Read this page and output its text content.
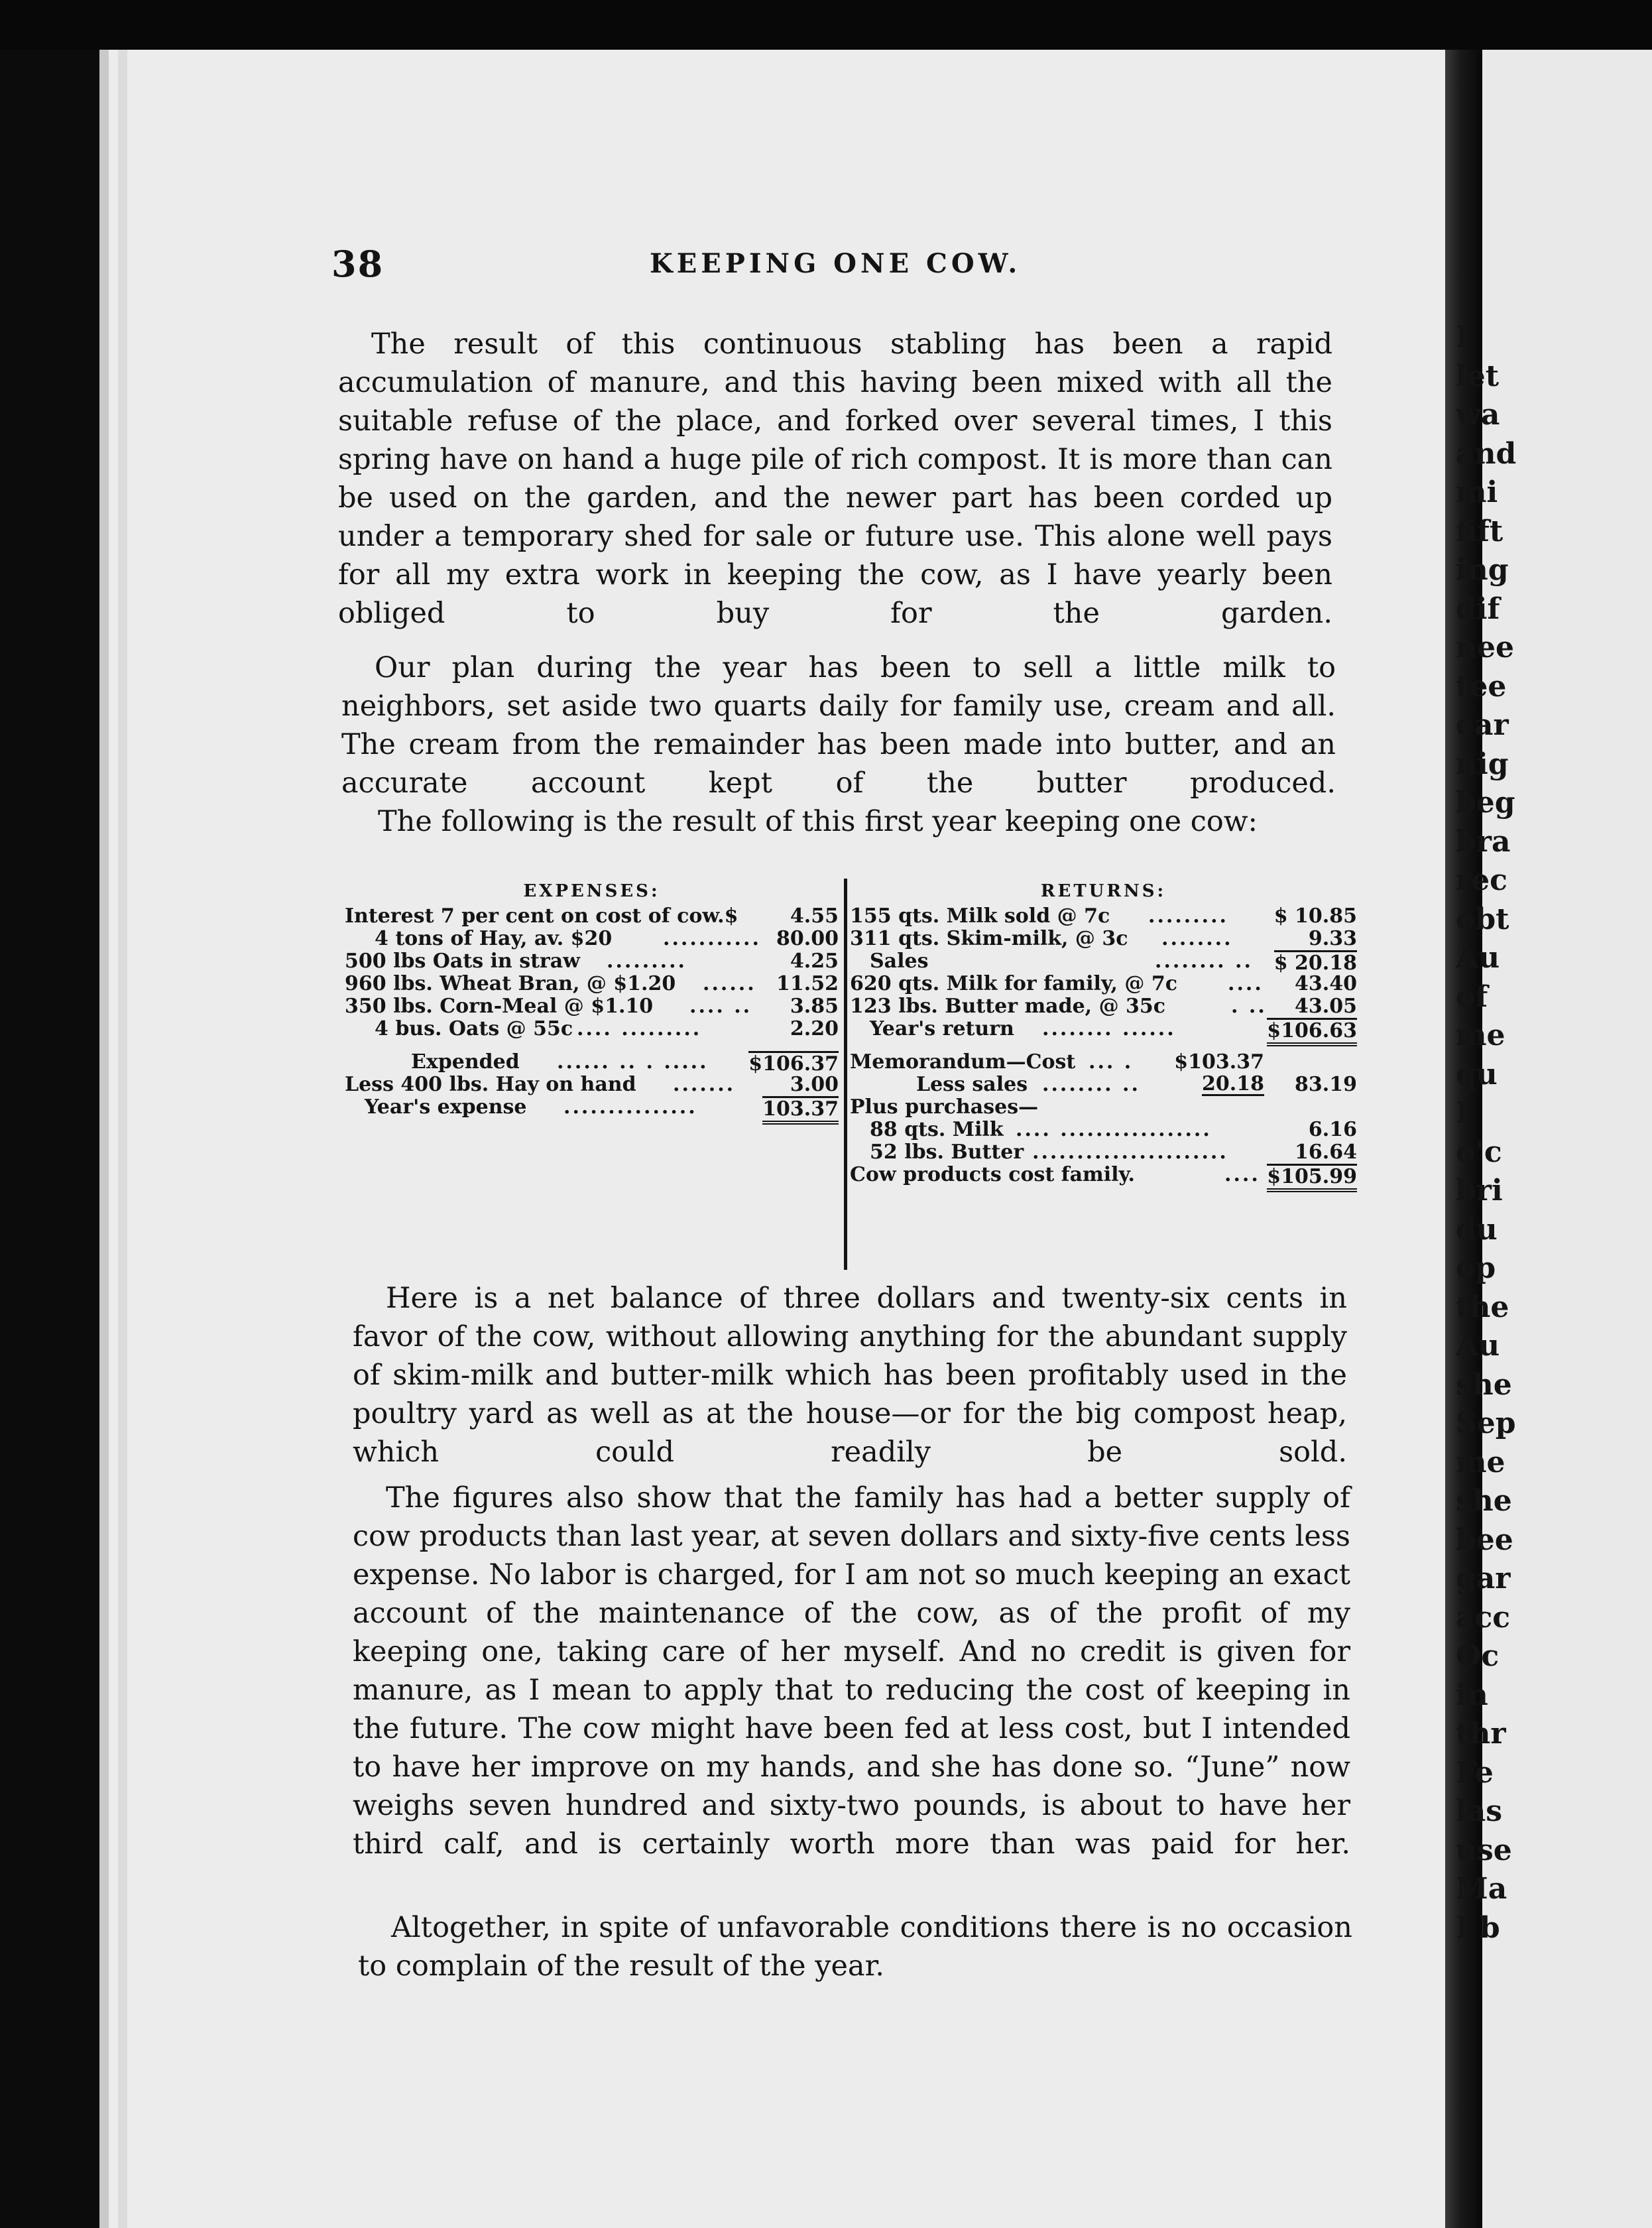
I
let
wa
and
mi
fift
ing
dif
nee
tee
ear
nig
beg
bra
rec
obt
Au
of
me
qu
I
o'c
bri
du
op
the
Au
she
Sep
me
she
bee
gar
acc
Oc
in
thr
Fe
las
use
Ma
I b
38	KEEPING ONE COW.

The result of this continuous stabling has been a rapid accumulation of manure, and this having been mixed with all the suitable refuse of the place, and forked over several times, I this spring have on hand a huge pile of rich compost. It is more than can be used on the garden, and the newer part has been corded up under a temporary shed for sale or future use. This alone well pays for all my extra work in keeping the cow, as I have yearly been obliged to buy for the garden.

Our plan during the year has been to sell a little milk to neighbors, set aside two quarts daily for family use, cream and all. The cream from the remainder has been made into butter, and an accurate account kept of the butter produced.

The following is the result of this first year keeping one cow:

EXPENSES:
Interest 7 per cent on cost of cow.$	4.55
4 tons of Hay, av. $20	........... 80.00
500 lbs Oats in straw .........	4.25
960 lbs. Wheat Bran, @ $1.20 ...... 11.52
350 lbs. Corn-Meal @ $1.10 .... .. 3.85
4 bus. Oats @ 55c .... .........	2.20
Expended ...... .. . ..... $106.37
Less 400 lbs. Hay on hand .......	3.00
Year's expense ...............	103.37
RETURNS:
155 qts. Milk sold @ 7c ......... $ 10.85
311 qts. Skim-milk, @ 3c ........	9.33
Sales	........ .. $ 20.18
620 qts. Milk for family, @ 7c	.... 43.40
123 lbs. Butter made, @ 35c	. .. 43.05
Year's return ........ ......	$106.63
Memorandum—Cost ... . $103.37
Less sales ........ ..	20.18 83.19
Plus purchases—
88 qts. Milk .... .................	6.16
52 lbs. Butter ......................	16.64
Cow products cost family.	.... $105.99

Here is a net balance of three dollars and twenty-six cents in favor of the cow, without allowing anything for the abundant supply of skim-milk and butter-milk which has been profitably used in the poultry yard as well as at the house—or for the big compost heap, which could readily be sold.

The figures also show that the family has had a better supply of cow products than last year, at seven dollars and sixty-five cents less expense. No labor is charged, for I am not so much keeping an exact account of the maintenance of the cow, as of the profit of my keeping one, taking care of her myself. And no credit is given for manure, as I mean to apply that to reducing the cost of keeping in the future. The cow might have been fed at less cost, but I intended to have her improve on my hands, and she has done so. “June” now weighs seven hundred and sixty-two pounds, is about to have her third calf, and is certainly worth more than was paid for her.

Altogether, in spite of unfavorable conditions there is no occasion to complain of the result of the year.
